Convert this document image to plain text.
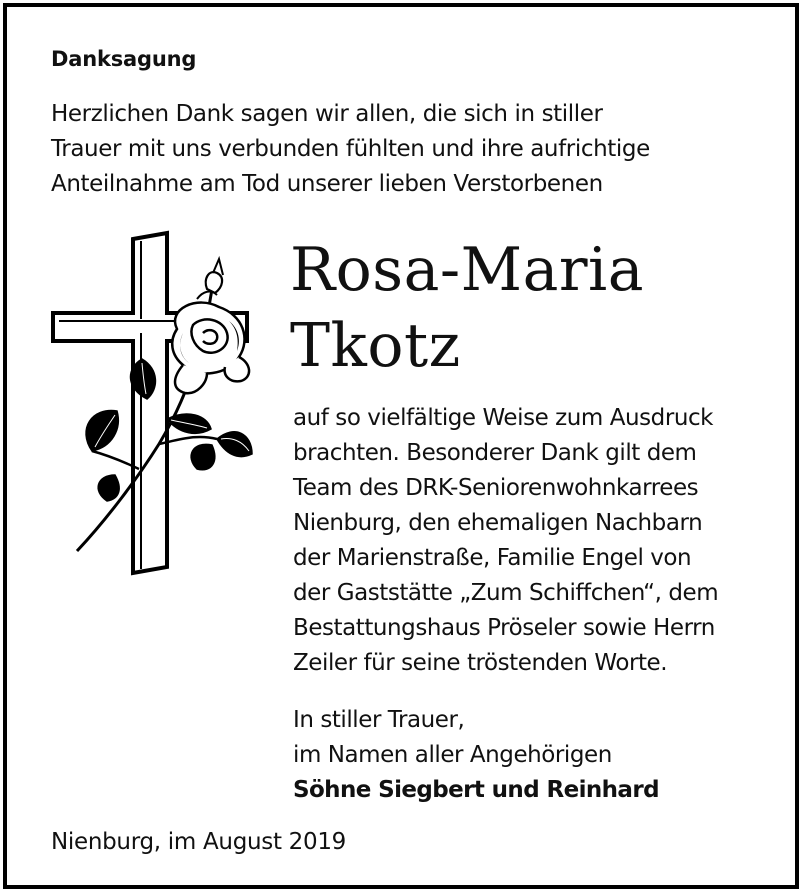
Danksagung
Herzlichen Dank sagen wir allen, die sich in stiller
Trauer mit uns verbunden fühlten und ihre aufrichtige
Anteilnahme am Tod unserer lieben Verstorbenen
Rosa-Maria
Tkotz
auf so vielfältige Weise zum Ausdruck
brachten. Besonderer Dank gilt dem
Team des DRK-Seniorenwohnkarrees
Nienburg, den ehemaligen Nachbarn
der Marienstraße, Familie Engel von
der Gaststätte „Zum Schiffchen“, dem
Bestattungshaus Pröseler sowie Herrn
Zeiler für seine tröstenden Worte.
In stiller Trauer,
im Namen aller Angehörigen
Söhne Siegbert und Reinhard
Nienburg, im August 2019
